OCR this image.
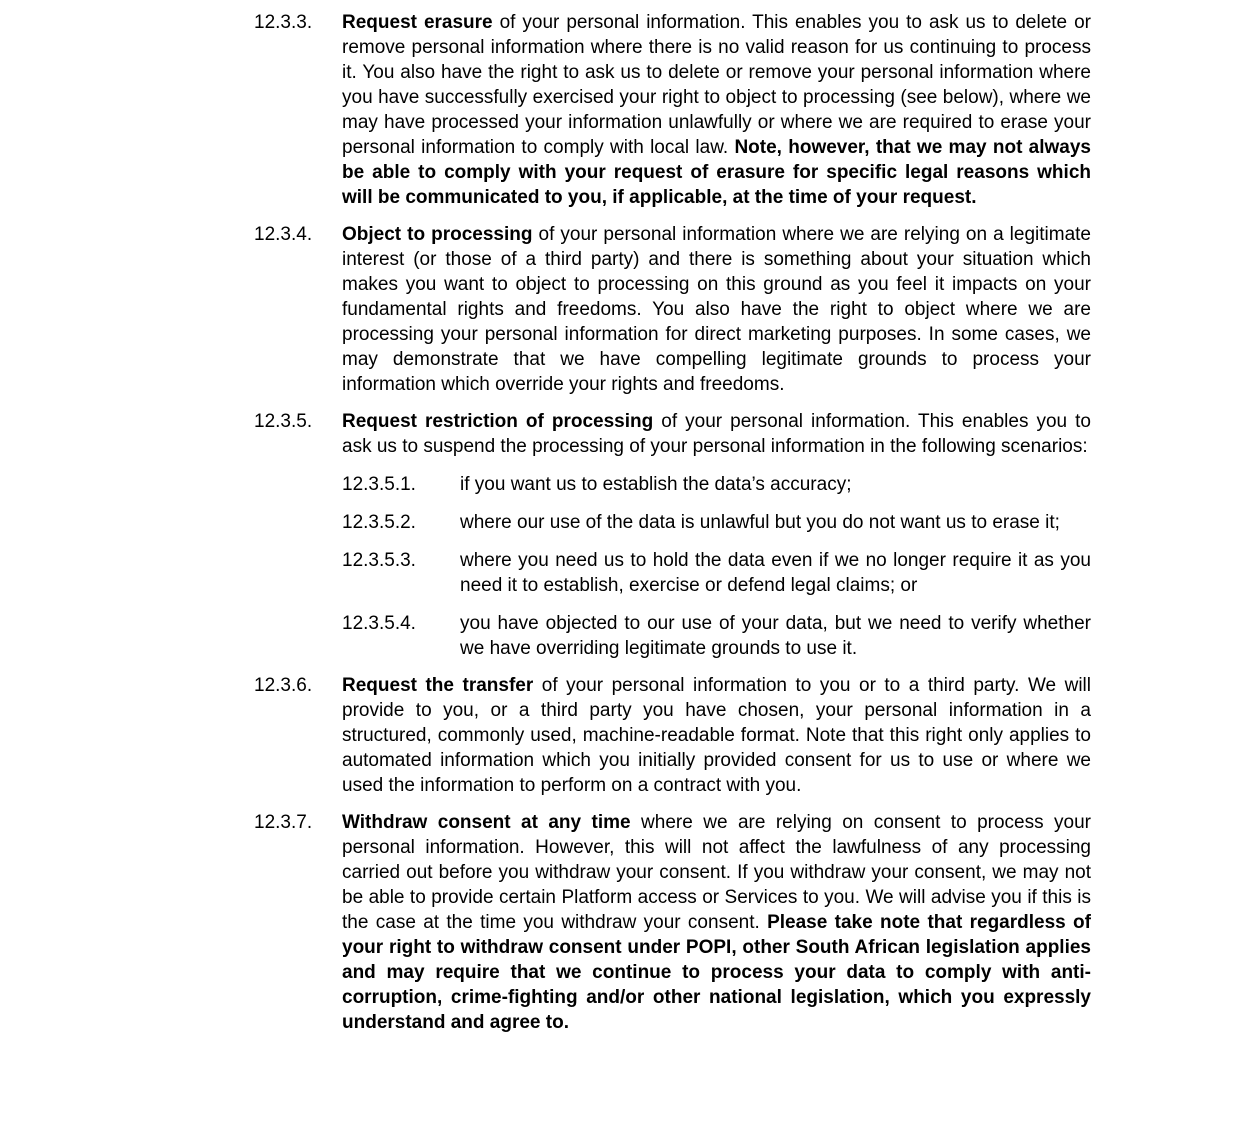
12.3.3. Request erasure of your personal information. This enables you to ask us to delete or remove personal information where there is no valid reason for us continuing to process it. You also have the right to ask us to delete or remove your personal information where you have successfully exercised your right to object to processing (see below), where we may have processed your information unlawfully or where we are required to erase your personal information to comply with local law. Note, however, that we may not always be able to comply with your request of erasure for specific legal reasons which will be communicated to you, if applicable, at the time of your request.
12.3.4. Object to processing of your personal information where we are relying on a legitimate interest (or those of a third party) and there is something about your situation which makes you want to object to processing on this ground as you feel it impacts on your fundamental rights and freedoms. You also have the right to object where we are processing your personal information for direct marketing purposes. In some cases, we may demonstrate that we have compelling legitimate grounds to process your information which override your rights and freedoms.
12.3.5. Request restriction of processing of your personal information. This enables you to ask us to suspend the processing of your personal information in the following scenarios:
12.3.5.1. if you want us to establish the data’s accuracy;
12.3.5.2. where our use of the data is unlawful but you do not want us to erase it;
12.3.5.3. where you need us to hold the data even if we no longer require it as you need it to establish, exercise or defend legal claims; or
12.3.5.4. you have objected to our use of your data, but we need to verify whether we have overriding legitimate grounds to use it.
12.3.6. Request the transfer of your personal information to you or to a third party. We will provide to you, or a third party you have chosen, your personal information in a structured, commonly used, machine-readable format. Note that this right only applies to automated information which you initially provided consent for us to use or where we used the information to perform on a contract with you.
12.3.7. Withdraw consent at any time where we are relying on consent to process your personal information. However, this will not affect the lawfulness of any processing carried out before you withdraw your consent. If you withdraw your consent, we may not be able to provide certain Platform access or Services to you. We will advise you if this is the case at the time you withdraw your consent. Please take note that regardless of your right to withdraw consent under POPI, other South African legislation applies and may require that we continue to process your data to comply with anti-corruption, crime-fighting and/or other national legislation, which you expressly understand and agree to.
